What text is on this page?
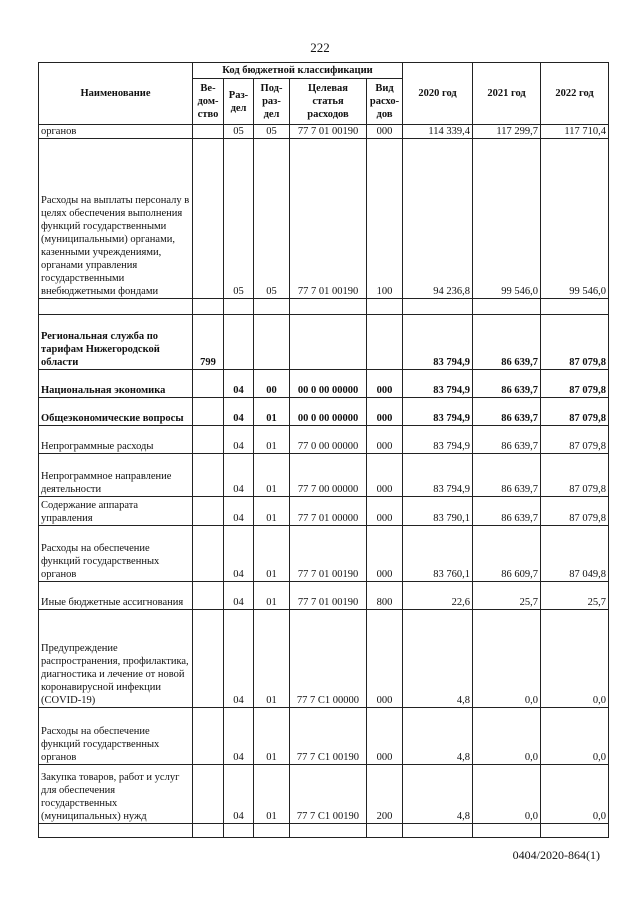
222
Наименование	Код бюджетной классификации					2020 год	2021 год	2022 год
	Ве-дом-ство	Раз-дел	Под-раз-дел	Целевая статья расходов	Вид расхо-дов			
органов		05	05	77 7 01 00190	000	114 339,4	117 299,7	117 710,4
Расходы на выплаты персоналу в целях обеспечения выполнения функций государственными (муниципальными) органами, казенными учреждениями, органами управления государственными внебюджетными фондами		05	05	77 7 01 00190	100	94 236,8	99 546,0	99 546,0

Региональная служба по тарифам Нижегородской области	799					83 794,9	86 639,7	87 079,8
Национальная экономика		04	00	00 0 00 00000	000	83 794,9	86 639,7	87 079,8
Общеэкономические вопросы		04	01	00 0 00 00000	000	83 794,9	86 639,7	87 079,8
Непрограммные расходы		04	01	77 0 00 00000	000	83 794,9	86 639,7	87 079,8
Непрограммное направление деятельности		04	01	77 7 00 00000	000	83 794,9	86 639,7	87 079,8
Содержание аппарата управления		04	01	77 7 01 00000	000	83 790,1	86 639,7	87 079,8
Расходы на обеспечение функций государственных органов		04	01	77 7 01 00190	000	83 760,1	86 609,7	87 049,8
Иные бюджетные ассигнования		04	01	77 7 01 00190	800	22,6	25,7	25,7
Предупреждение распространения, профилактика, диагностика и лечение от новой коронавирусной инфекции (COVID-19)		04	01	77 7 C1 00000	000	4,8	0,0	0,0
Расходы на обеспечение функций государственных органов		04	01	77 7 C1 00190	000	4,8	0,0	0,0
Закупка товаров, работ и услуг для обеспечения государственных (муниципальных) нужд		04	01	77 7 C1 00190	200	4,8	0,0	0,0

0404/2020-864(1)
